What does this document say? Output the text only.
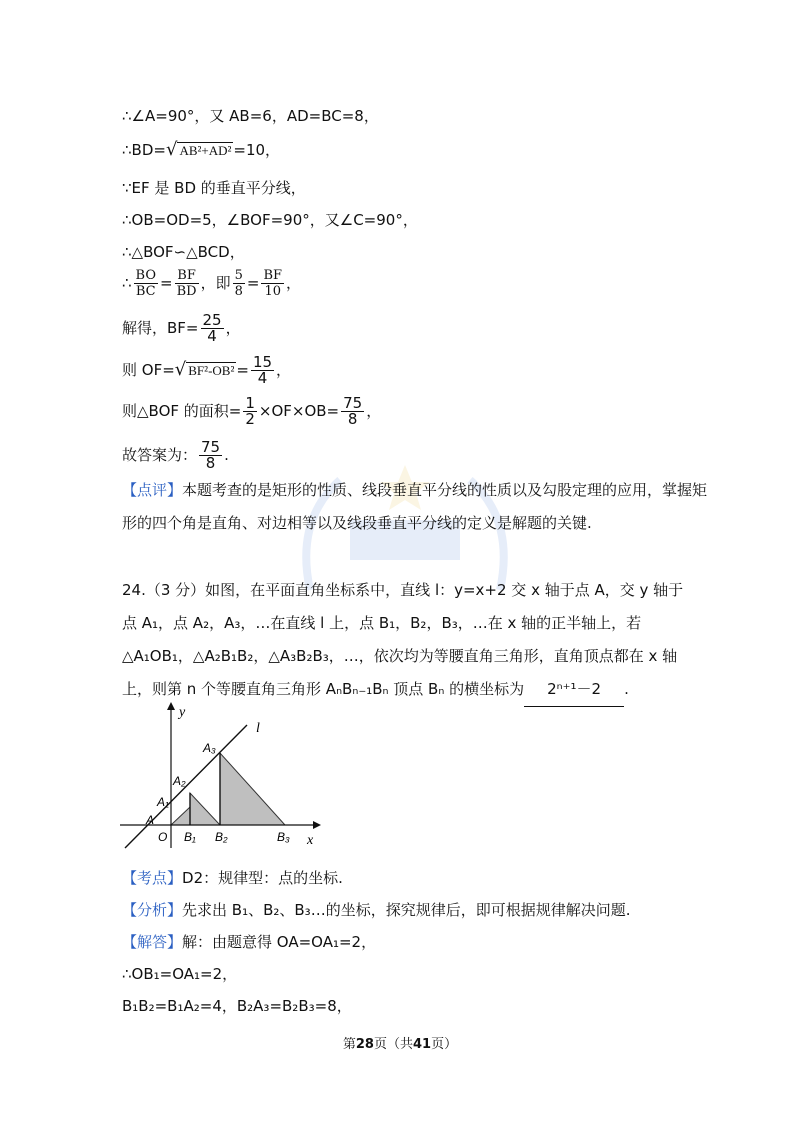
∴∠A=90°，又 AB=6，AD=BC=8，
∴BD=√ AB²+AD² =10，
∵EF 是 BD 的垂直平分线，
∴OB=OD=5，∠BOF=90°，又∠C=90°，
∴△BOF∽△BCD，
∴ $\frac{BO}{BC} = \frac{BF}{BD}$ ，即 $\frac{5}{8} = \frac{BF}{10}$ ，
解得，$BF= \frac{25}{4}$ ，
则 OF=√ $BF^2-OB^2 = \frac{15}{4}$ ，
则△BOF 的面积= $\frac{1}{2} \times OF\times OB= \frac{75}{8}$ ，
故答案为： $\frac{75}{8}$ .
【点评】本题考查的是矩形的性质、线段垂直平分线的性质以及勾股定理的应用，掌握矩形的四个角是直角、对边相等以及线段垂直平分线的定义是解题的关键.
24.（3 分）如图，在平面直角坐标系中，直线 l：y=x+2 交 x 轴于点 A，交 y 轴于点 A₁，点 A₂，A₃，…在直线 l 上，点 B₁，B₂，B₃，…在 x 轴的正半轴上，若△A₁OB₁，△A₂B₁B₂，△A₃B₂B₃，…，依次均为等腰直角三角形，直角顶点都在 x 轴上，则第 n 个等腰直角三角形 AₙBₙ₋₁Bₙ 顶点 Bₙ 的横坐标为 2ⁿ⁺¹－2 .
y
x
l
A
O
A₁
A₂
A₃
B₁ B₂	B₃
【考点】D2：规律型：点的坐标.
【分析】先求出 B₁、B₂、B₃…的坐标，探究规律后，即可根据规律解决问题.
【解答】解：由题意得 OA=OA₁=2，
∴OB₁=OA₁=2，
B₁B₂=B₁A₂=4，B₂A₃=B₂B₃=8，
第28页（共41页）
